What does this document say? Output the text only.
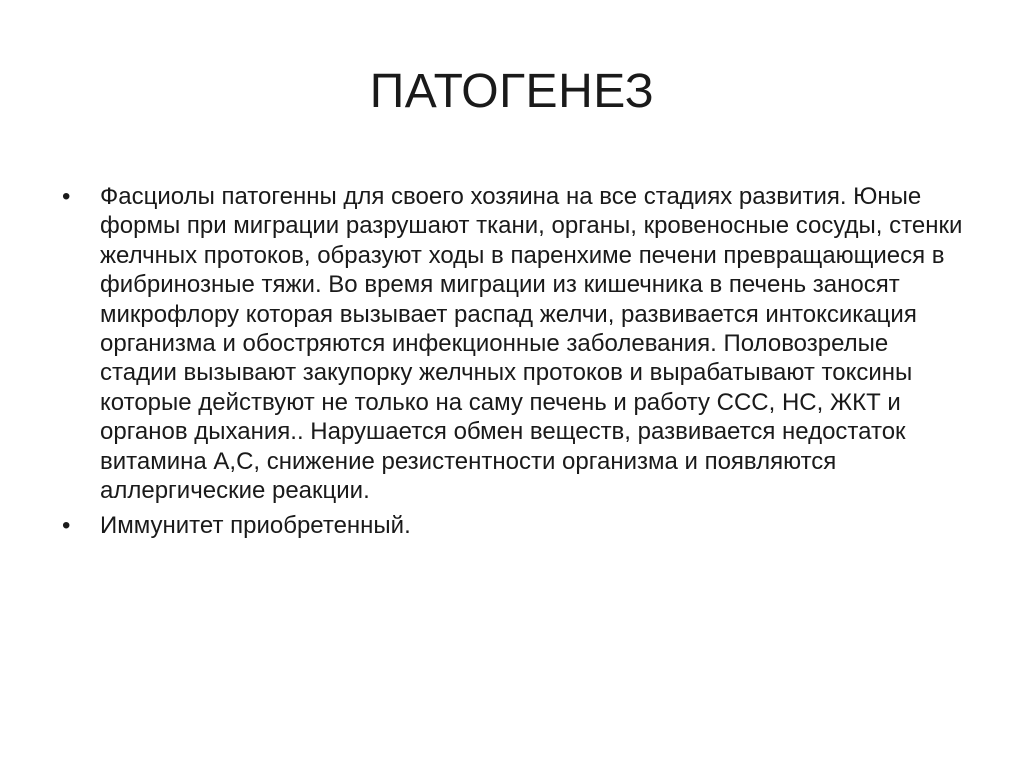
ПАТОГЕНЕЗ
• Фасциолы патогенны для своего хозяина на все стадиях развития. Юные формы при миграции разрушают ткани, органы, кровеносные сосуды, стенки желчных протоков, образуют ходы в паренхиме печени превращающиеся в фибринозные тяжи. Во время миграции из кишечника в печень заносят микрофлору которая вызывает распад желчи, развивается интоксикация организма и обостряются инфекционные заболевания. Половозрелые стадии вызывают закупорку желчных протоков и вырабатывают токсины которые действуют не только на саму печень и работу ССС, НС, ЖКТ и органов дыхания.. Нарушается обмен веществ, развивается недостаток витамина А,С, снижение резистентности организма и появляются аллергические реакции.
• Иммунитет приобретенный.
